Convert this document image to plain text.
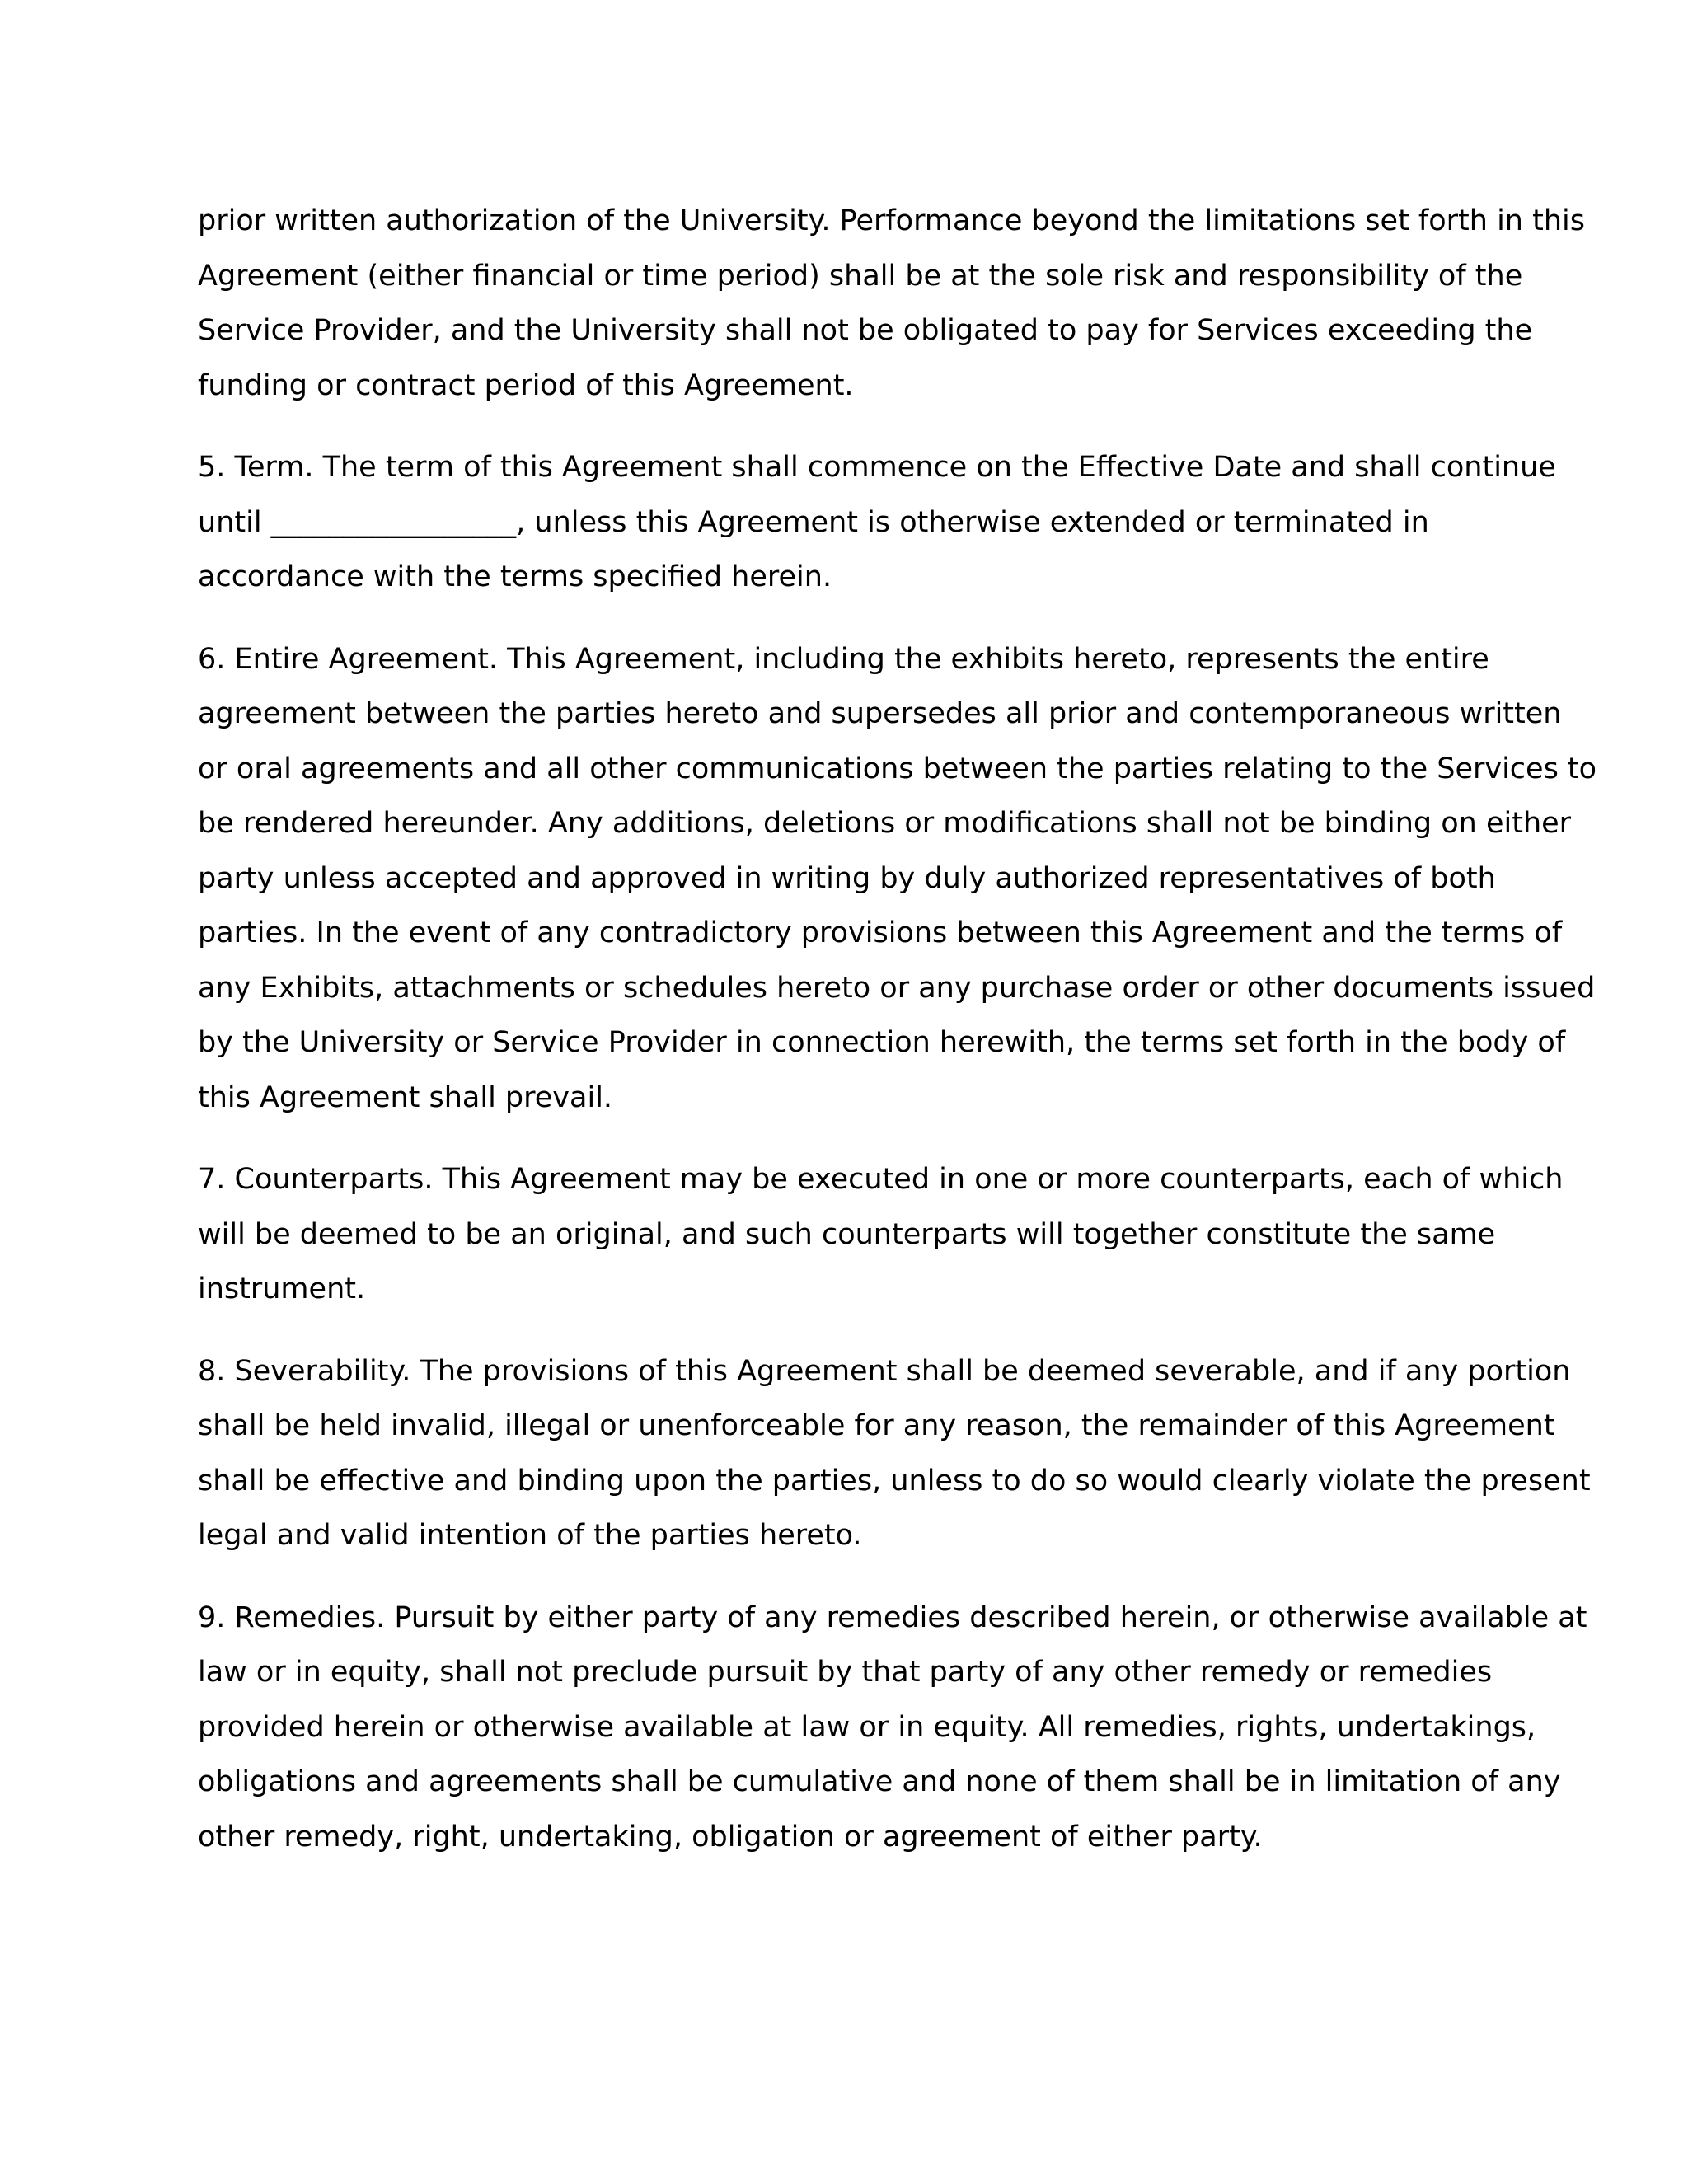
prior written authorization of the University. Performance beyond the limitations set forth in this
Agreement (either financial or time period) shall be at the sole risk and responsibility of the
Service Provider, and the University shall not be obligated to pay for Services exceeding the
funding or contract period of this Agreement.

5. Term. The term of this Agreement shall commence on the Effective Date and shall continue
until _________________, unless this Agreement is otherwise extended or terminated in
accordance with the terms specified herein.

6. Entire Agreement. This Agreement, including the exhibits hereto, represents the entire
agreement between the parties hereto and supersedes all prior and contemporaneous written
or oral agreements and all other communications between the parties relating to the Services to
be rendered hereunder. Any additions, deletions or modifications shall not be binding on either
party unless accepted and approved in writing by duly authorized representatives of both
parties. In the event of any contradictory provisions between this Agreement and the terms of
any Exhibits, attachments or schedules hereto or any purchase order or other documents issued
by the University or Service Provider in connection herewith, the terms set forth in the body of
this Agreement shall prevail.

7. Counterparts. This Agreement may be executed in one or more counterparts, each of which
will be deemed to be an original, and such counterparts will together constitute the same
instrument.

8. Severability. The provisions of this Agreement shall be deemed severable, and if any portion
shall be held invalid, illegal or unenforceable for any reason, the remainder of this Agreement
shall be effective and binding upon the parties, unless to do so would clearly violate the present
legal and valid intention of the parties hereto.

9. Remedies. Pursuit by either party of any remedies described herein, or otherwise available at
law or in equity, shall not preclude pursuit by that party of any other remedy or remedies
provided herein or otherwise available at law or in equity. All remedies, rights, undertakings,
obligations and agreements shall be cumulative and none of them shall be in limitation of any
other remedy, right, undertaking, obligation or agreement of either party.
